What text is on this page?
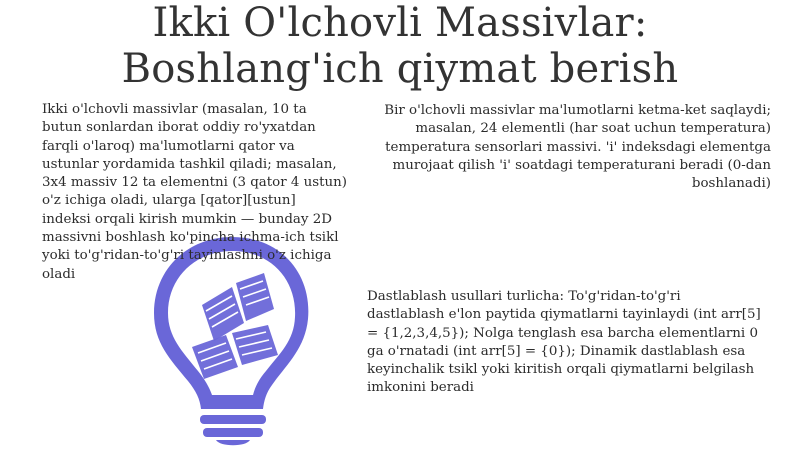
Ikki O'lchovli Massivlar:
Boshlang'ich qiymat berish

Ikki o'lchovli massivlar (masalan, 10 ta butun sonlardan iborat oddiy ro'yxatdan farqli o'laroq) ma'lumotlarni qator va ustunlar yordamida tashkil qiladi; masalan, 3x4 massiv 12 ta elementni (3 qator 4 ustun) o'z ichiga oladi, ularga [qator][ustun] indeksi orqali kirish mumkin — bunday 2D massivni boshlash ko'pincha ichma-ich tsikl yoki to'g'ridan-to'g'ri tayinlashni o'z ichiga oladi

Bir o'lchovli massivlar ma'lumotlarni ketma-ket saqlaydi; masalan, 24 elementli (har soat uchun temperatura) temperatura sensorlari massivi. 'i' indeksdagi elementga murojaat qilish 'i' soatdagi temperaturani beradi (0-dan boshlanadi)

Dastlablash usullari turlicha: To'g'ridan-to'g'ri dastlablash e'lon paytida qiymatlarni tayinlaydi (int arr[5] = {1,2,3,4,5}); Nolga tenglash esa barcha elementlarni 0 ga o'rnatadi (int arr[5] = {0}); Dinamik dastlablash esa keyinchalik tsikl yoki kiritish orqali qiymatlarni belgilash imkonini beradi
